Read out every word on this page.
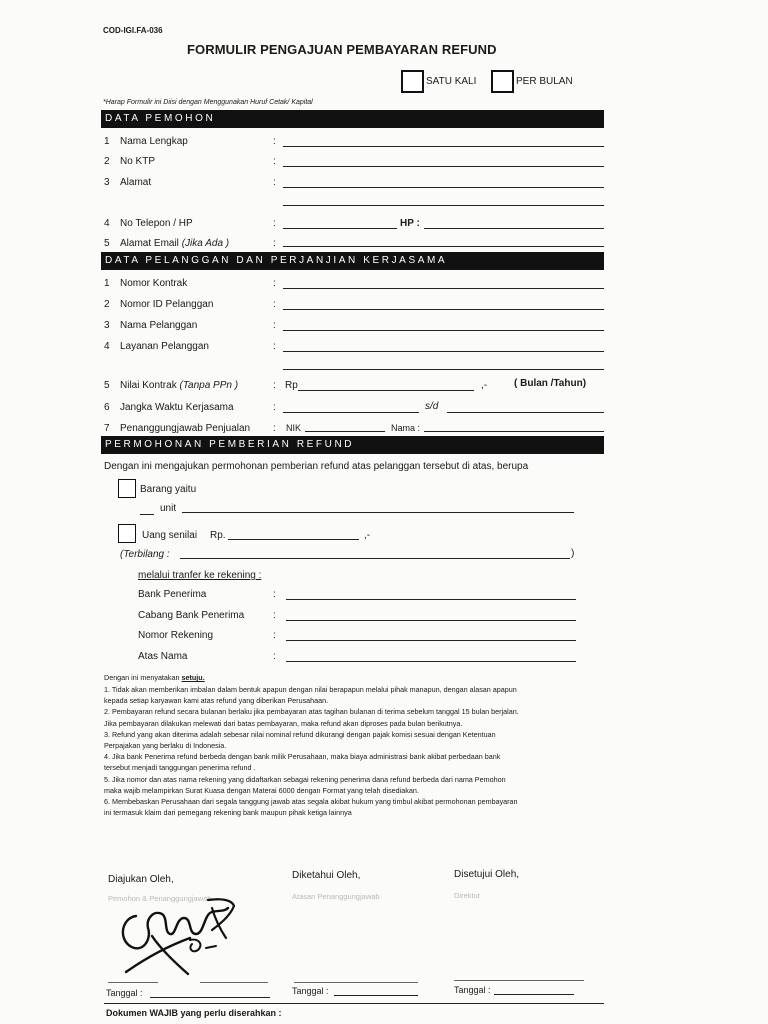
COD-IGI.FA-036
FORMULIR PENGAJUAN PEMBAYARAN REFUND
SATU KALI	PER BULAN
*Harap Formulir ini Diisi dengan Menggunakan Huruf Cetak/ Kapital
DATA PEMOHON
1 Nama Lengkap	:
2 No KTP	:
3 Alamat	:
4 No Telepon / HP	:	HP :
5 Alamat Email (Jika Ada )	:
DATA PELANGGAN DAN PERJANJIAN KERJASAMA
1 Nomor Kontrak	:
2 Nomor ID Pelanggan	:
3 Nama Pelanggan	:
4 Layanan Pelanggan	:
5 Nilai Kontrak (Tanpa PPn )	: Rp	,-	( Bulan /Tahun)
6 Jangka Waktu Kerjasama	:	s/d
7 Penanggungjawab Penjualan : NIK	Nama :
PERMOHONAN PEMBERIAN REFUND
Dengan ini mengajukan permohonan pemberian refund atas pelanggan tersebut di atas, berupa
Barang yaitu
unit
Uang senilai Rp.	,-
(Terbilang :	)
melalui tranfer ke rekening :
Bank Penerima	:
Cabang Bank Penerima	:
Nomor Rekening	:
Atas Nama	:
Dengan ini menyatakan setuju.
1. Tidak akan memberikan imbalan dalam bentuk apapun dengan nilai berapapun melalui pihak manapun, dengan alasan apapun
kepada setiap karyawan kami atas refund yang diberikan Perusahaan.
2. Pembayaran refund secara bulanan berlaku jika pembayaran atas tagihan bulanan di terima sebelum tanggal 15 bulan berjalan.
Jika pembayaran dilakukan melewati dari batas pembayaran, maka refund akan diproses pada bulan berikutnya.
3. Refund yang akan diterima adalah sebesar nilai nominal refund dikurangi dengan pajak komisi sesuai dengan Ketentuan
Perpajakan yang berlaku di Indonesia.
4. Jika bank Penerima refund berbeda dengan bank milik Perusahaan, maka biaya administrasi bank akibat perbedaan bank
tersebut menjadi tanggungan penerima refund .
5. Jika nomor dan atas nama rekening yang didaftarkan sebagai rekening penerima dana refund berbeda dari nama Pemohon
maka wajib melampirkan Surat Kuasa dengan Materai 6000 dengan Format yang telah disediakan.
6. Membebaskan Perusahaan dari segala tanggung jawab atas segala akibat hukum yang timbul akibat permohonan pembayaran
ini termasuk klaim dari pemegang rekening bank maupun pihak ketiga lainnya
Diajukan Oleh,
Pemohon & Penanggungjawab
Diketahui Oleh,
Atasan Penanggungjawab
Disetujui Oleh,
Direktur
Tanggal :	Tanggal :	Tanggal :
Dokumen WAJIB yang perlu diserahkan :
